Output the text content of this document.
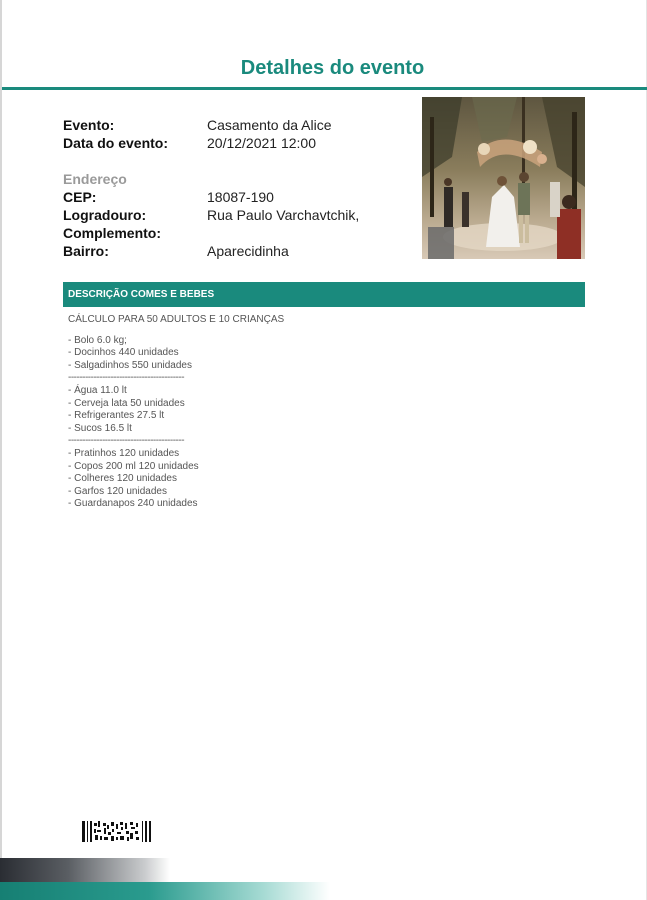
Detalhes do evento
Evento:	Casamento da Alice
Data do evento:	20/12/2021 12:00
Endereço
CEP:	18087-190
Logradouro:	Rua Paulo Varchavtchik,
Complemento:
Bairro:	Aparecidinha
DESCRIÇÃO COMES E BEBES
CÁLCULO PARA 50 ADULTOS E 10 CRIANÇAS
- Bolo 6.0 kg;
- Docinhos 440 unidades
- Salgadinhos 550 unidades
-----------------------------------------
- Água 11.0 lt
- Cerveja lata 50 unidades
- Refrigerantes 27.5 lt
- Sucos 16.5 lt
-----------------------------------------
- Pratinhos 120 unidades
- Copos 200 ml 120 unidades
- Colheres 120 unidades
- Garfos 120 unidades
- Guardanapos 240 unidades
